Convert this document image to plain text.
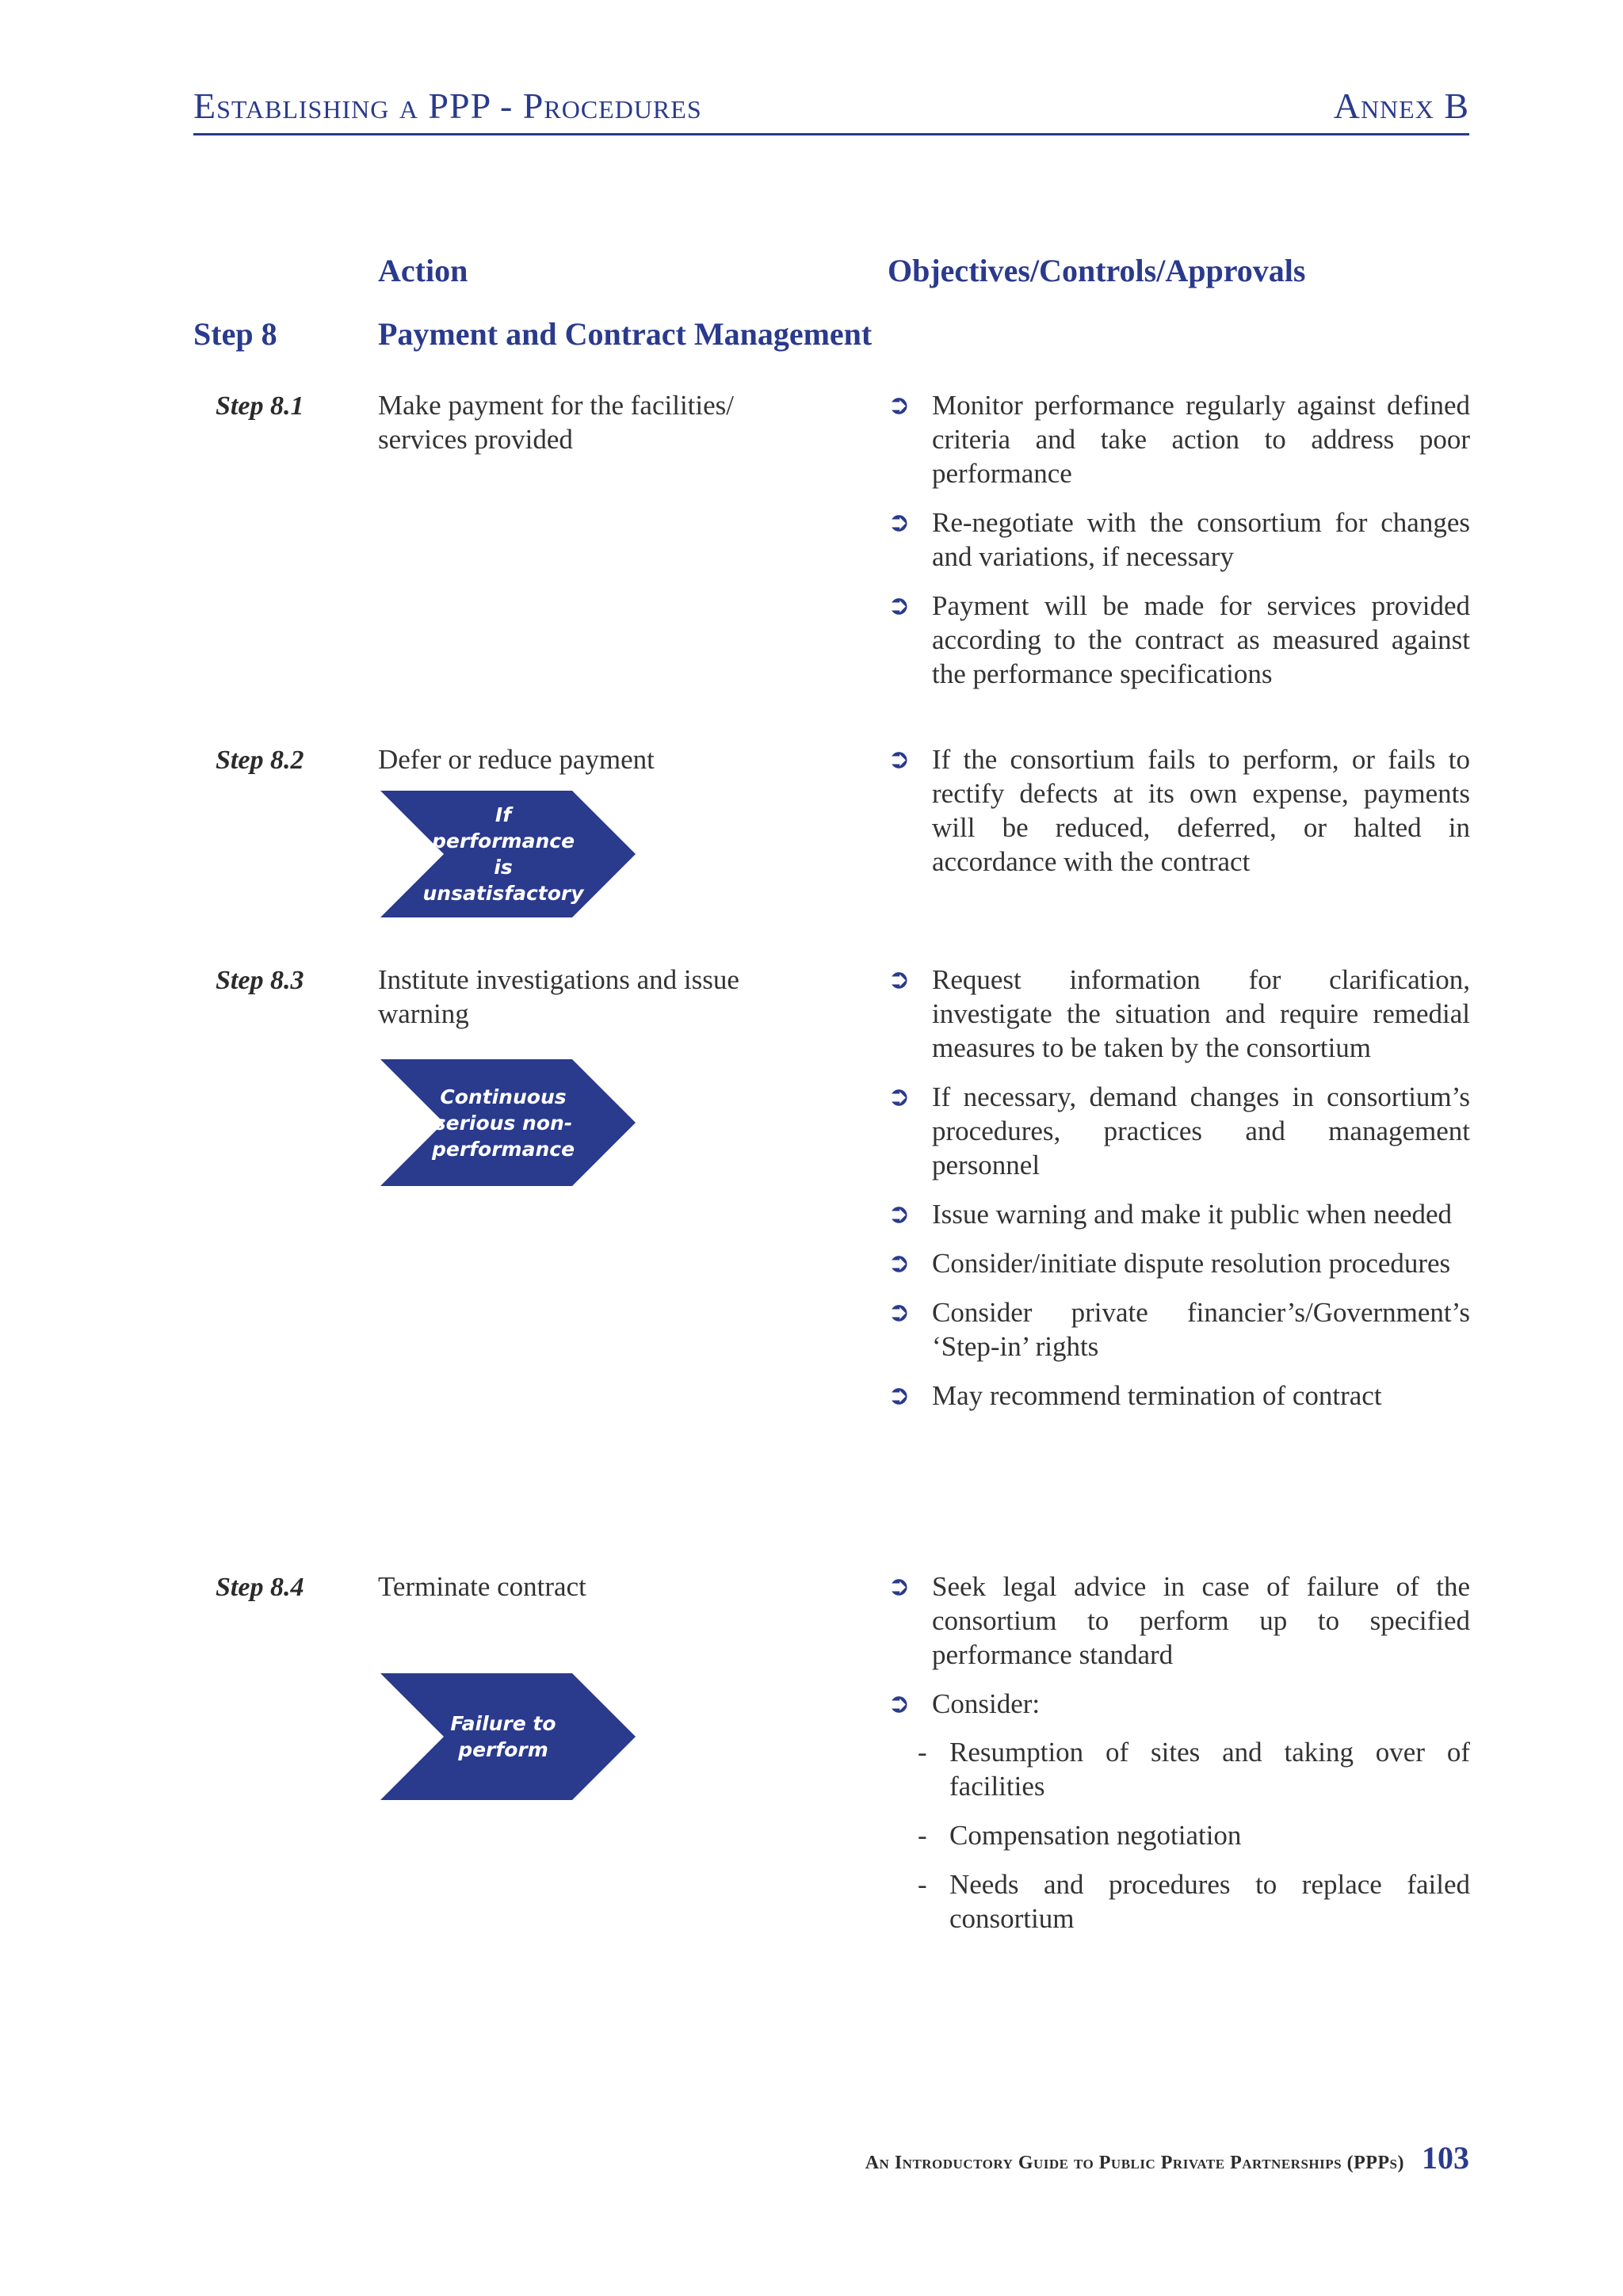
Establishing a PPP - Procedures	Annex B
Action	Objectives/Controls/Approvals
Step 8	Payment and Contract Management
Step 8.1	Make payment for the facilities/ services provided
➲ Monitor performance regularly against defined criteria and take action to address poor performance
➲ Re-negotiate with the consortium for changes and variations, if necessary
➲ Payment will be made for services provided according to the contract as measured against the performance specifications
Step 8.2	Defer or reduce payment
If performance is unsatisfactory
➲ If the consortium fails to perform, or fails to rectify defects at its own expense, payments will be reduced, deferred, or halted in accordance with the contract
Step 8.3	Institute investigations and issue warning
Continuous serious non-performance
➲ Request information for clarification, investigate the situation and require remedial measures to be taken by the consortium
➲ If necessary, demand changes in consortium’s procedures, practices and management personnel
➲ Issue warning and make it public when needed
➲ Consider/initiate dispute resolution procedures
➲ Consider private financier’s/Government’s ‘Step-in’ rights
➲ May recommend termination of contract
Step 8.4	Terminate contract
Failure to perform
➲ Seek legal advice in case of failure of the consortium to perform up to specified performance standard
➲ Consider:
- Resumption of sites and taking over of facilities
- Compensation negotiation
- Needs and procedures to replace failed consortium
An Introductory Guide to Public Private Partnerships (PPPs) 103
